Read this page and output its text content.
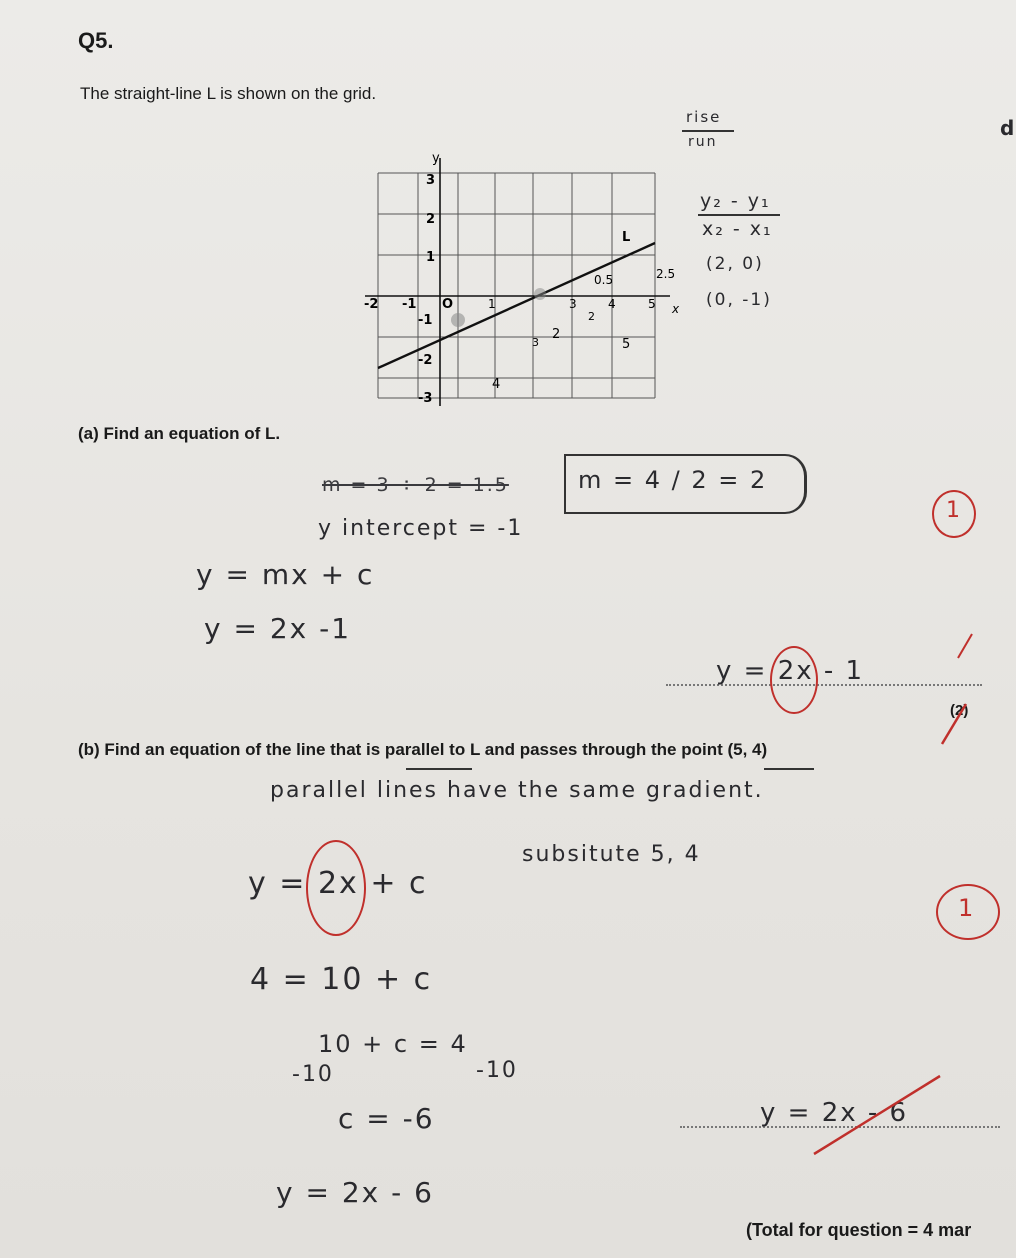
Q5.
The straight-line L is shown on the grid.
y
x
L
3
2
1
-1
-2
-3
-2 -1 O	1	3	4	5
0.5	2.5
2
2
3	5
4
rise
run
d
y₂ - y₁
x₂ - x₁
(2, 0)
(0, -1)
(a) Find an equation of L.
m = 3 ÷ 2 = 1.5	m = 4 / 2 = 2
y intercept = -1
1
y = mx + c
y = 2x -1
y = 2x - 1
(2)
(b) Find an equation of the line that is parallel to L and passes through the point (5, 4)
parallel lines have the same gradient.
y = 2x + c
subsitute 5, 4
1
4 = 10 + c
10 + c = 4
-10	-10
c = -6	y = 2x - 6
y = 2x - 6
(Total for question = 4 mar
